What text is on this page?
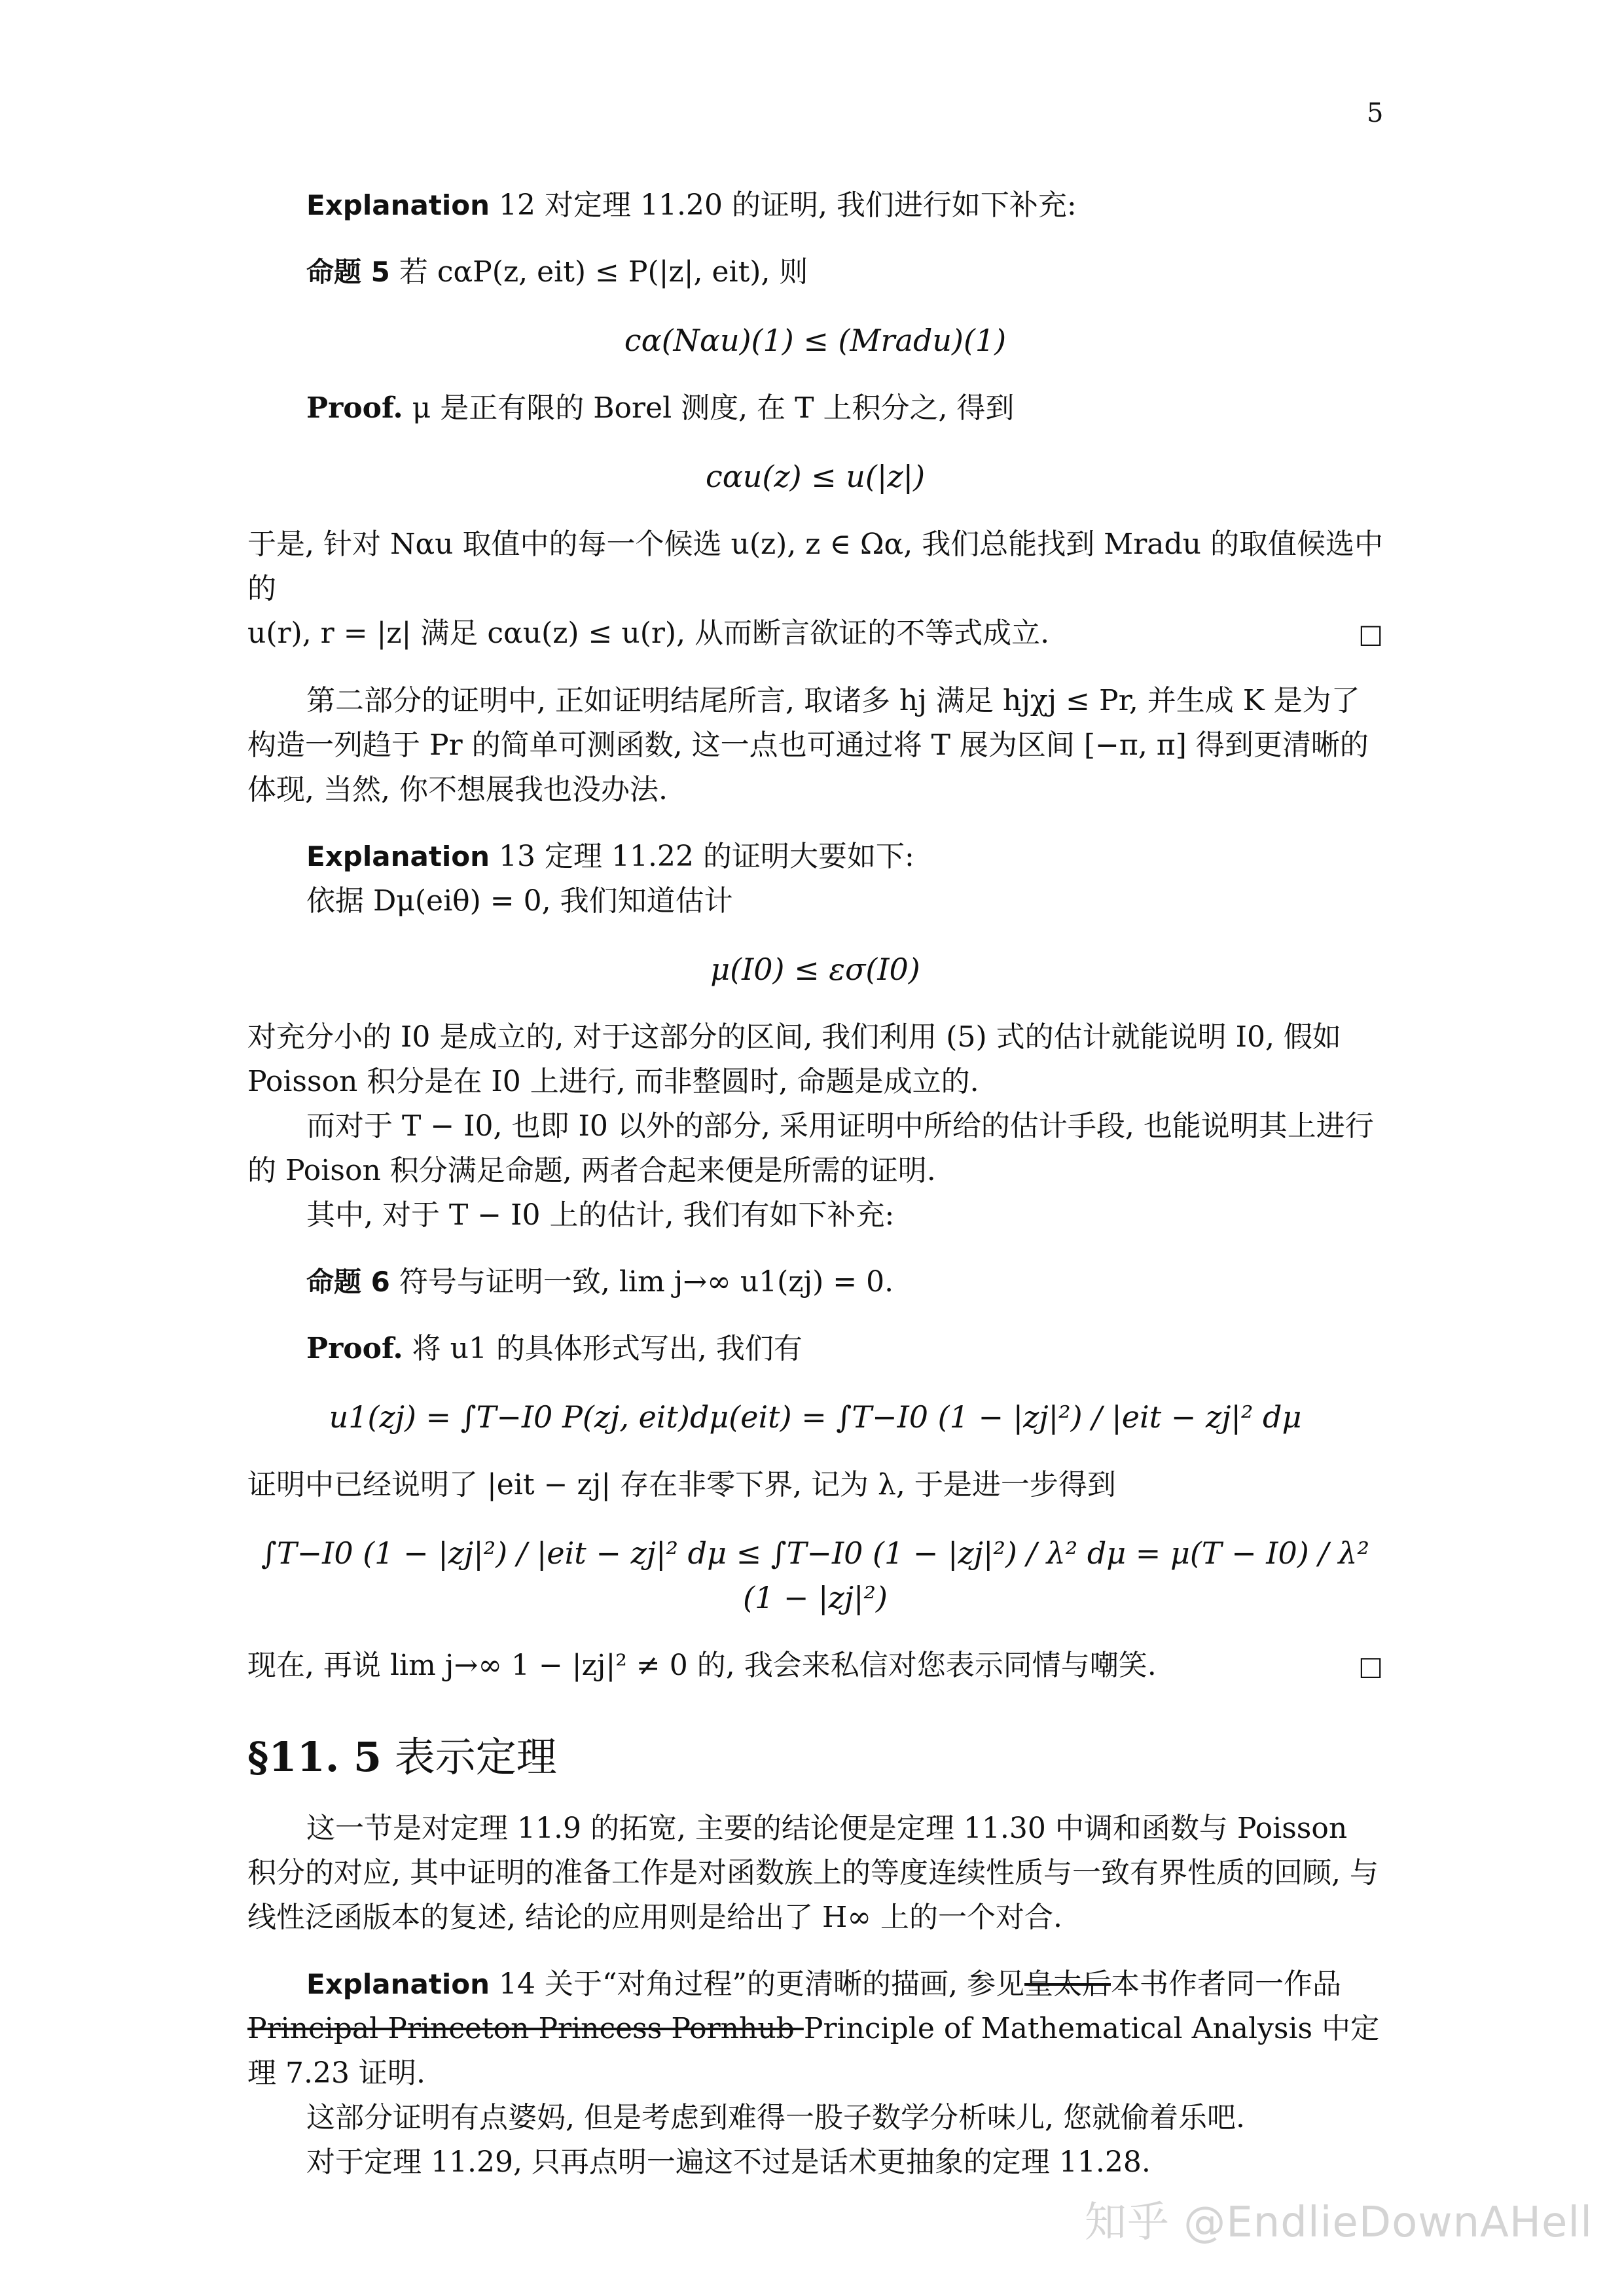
5

Explanation 12 对定理 11.20 的证明, 我们进行如下补充:

命题 5 若 cαP(z, eit) ≤ P(|z|, eit), 则

cα(Nαu)(1) ≤ (Mradu)(1)

Proof. μ 是正有限的 Borel 测度, 在 T 上积分之, 得到

cαu(z) ≤ u(|z|)

于是, 针对 Nαu 取值中的每一个候选 u(z), z ∈ Ωα, 我们总能找到 Mradu 的取值候选中的

u(r), r = |z| 满足 cαu(z) ≤ u(r), 从而断言欲证的不等式成立.	□

第二部分的证明中, 正如证明结尾所言, 取诸多 hj 满足 hjχj ≤ Pr, 并生成 K 是为了构造一列趋于 Pr 的简单可测函数, 这一点也可通过将 T 展为区间 [−π, π] 得到更清晰的体现, 当然, 你不想展我也没办法.

Explanation 13 定理 11.22 的证明大要如下:

依据 Dμ(eiθ) = 0, 我们知道估计

μ(I0) ≤ εσ(I0)

对充分小的 I0 是成立的, 对于这部分的区间, 我们利用 (5) 式的估计就能说明 I0, 假如 Poisson 积分是在 I0 上进行, 而非整圆时, 命题是成立的.

而对于 T − I0, 也即 I0 以外的部分, 采用证明中所给的估计手段, 也能说明其上进行的 Poison 积分满足命题, 两者合起来便是所需的证明.

其中, 对于 T − I0 上的估计, 我们有如下补充:

命题 6 符号与证明一致, lim j→∞ u1(zj) = 0.

Proof. 将 u1 的具体形式写出, 我们有

u1(zj) = ∫T−I0 P(zj, eit)dμ(eit) = ∫T−I0 (1 − |zj|²) / |eit − zj|² dμ

证明中已经说明了 |eit − zj| 存在非零下界, 记为 λ, 于是进一步得到

∫T−I0 (1 − |zj|²) / |eit − zj|² dμ ≤ ∫T−I0 (1 − |zj|²) / λ² dμ = μ(T − I0) / λ² (1 − |zj|²)
现在, 再说 lim j→∞ 1 − |zj|² ≠ 0 的, 我会来私信对您表示同情与嘲笑.	□
§11. 5 表示定理

这一节是对定理 11.9 的拓宽, 主要的结论便是定理 11.30 中调和函数与 Poisson 积分的对应, 其中证明的准备工作是对函数族上的等度连续性质与一致有界性质的回顾, 与线性泛函版本的复述, 结论的应用则是给出了 H∞ 上的一个对合.

Explanation 14 关于“对角过程”的更清晰的描画, 参见皇太后本书作者同一作品Principal Princeton Princess Pornhub Principle of Mathematical Analysis 中定理 7.23 证明.

这部分证明有点婆妈, 但是考虑到难得一股子数学分析味儿, 您就偷着乐吧.

对于定理 11.29, 只再点明一遍这不过是话术更抽象的定理 11.28.

知乎 @EndlieDownAHell
